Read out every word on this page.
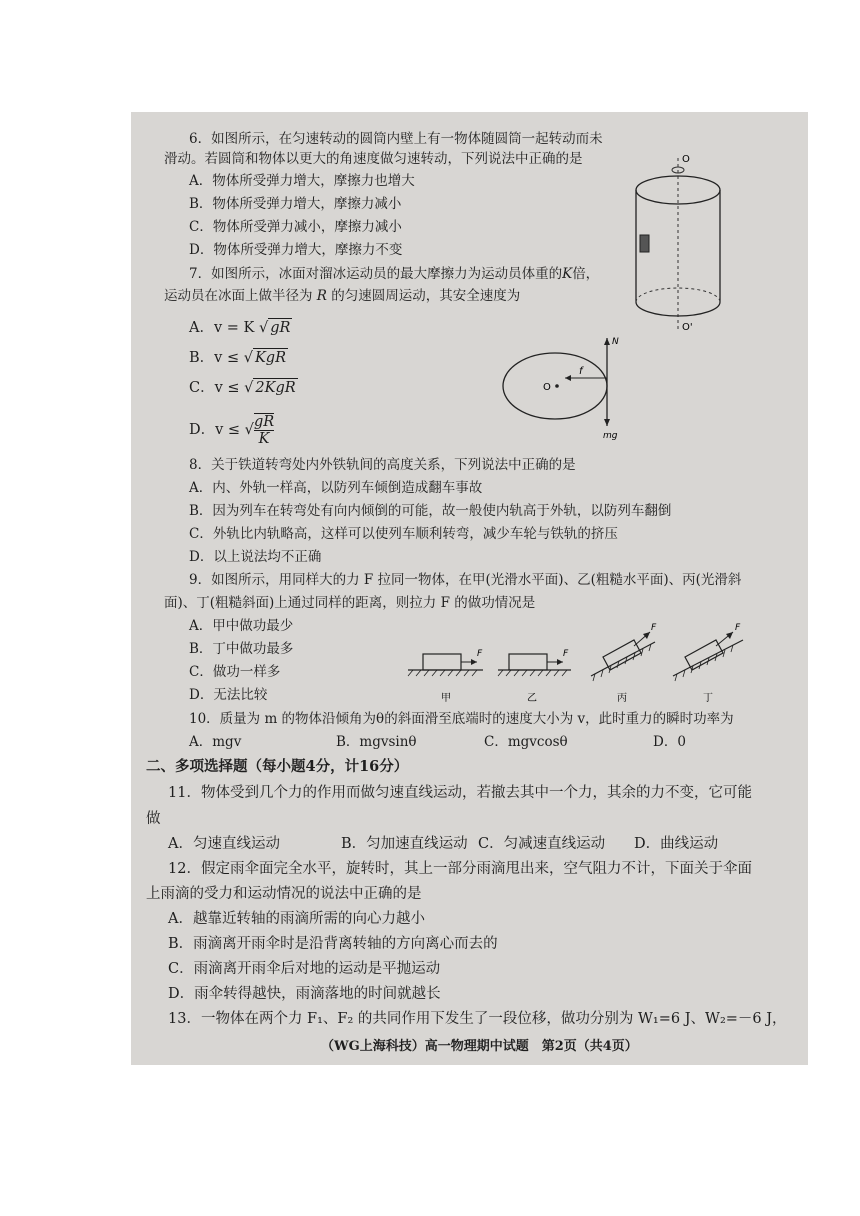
6．如图所示，在匀速转动的圆筒内壁上有一物体随圆筒一起转动而未
滑动。若圆筒和物体以更大的角速度做匀速转动，下列说法中正确的是
A．物体所受弹力增大，摩擦力也增大
B．物体所受弹力增大，摩擦力减小
C．物体所受弹力减小，摩擦力减小
D．物体所受弹力增大，摩擦力不变
O
O'
7．如图所示，冰面对溜冰运动员的最大摩擦力为运动员体重的K倍，
运动员在冰面上做半径为 R 的匀速圆周运动，其安全速度为
A．v = K √ gR
B．v ≤ √ KgR
C．v ≤ √ 2KgR
D．v ≤ √ $\frac{gR}{K}$
O
f
N
mg
8．关于铁道转弯处内外铁轨间的高度关系，下列说法中正确的是
A．内、外轨一样高，以防列车倾倒造成翻车事故
B．因为列车在转弯处有向内倾倒的可能，故一般使内轨高于外轨，以防列车翻倒
C．外轨比内轨略高，这样可以使列车顺利转弯，减少车轮与铁轨的挤压
D．以上说法均不正确
9．如图所示，用同样大的力 F 拉同一物体，在甲(光滑水平面)、乙(粗糙水平面)、丙(光滑斜
面)、丁(粗糙斜面)上通过同样的距离，则拉力 F 的做功情况是
A．甲中做功最少
B．丁中做功最多
C．做功一样多
D．无法比较
F
甲
F
乙
F
丙
F
丁
10．质量为 m 的物体沿倾角为θ的斜面滑至底端时的速度大小为 v，此时重力的瞬时功率为
A．mgv	B．mgvsinθ	C．mgvcosθ	D．0
二、多项选择题（每小题4分，计16分）
11．物体受到几个力的作用而做匀速直线运动，若撤去其中一个力，其余的力不变，它可能
做
A．匀速直线运动	B．匀加速直线运动 C．匀减速直线运动 D．曲线运动
12．假定雨伞面完全水平，旋转时，其上一部分雨滴甩出来，空气阻力不计，下面关于伞面
上雨滴的受力和运动情况的说法中正确的是
A．越靠近转轴的雨滴所需的向心力越小
B．雨滴离开雨伞时是沿背离转轴的方向离心而去的
C．雨滴离开雨伞后对地的运动是平抛运动
D．雨伞转得越快，雨滴落地的时间就越长
13．一物体在两个力 F₁、F₂ 的共同作用下发生了一段位移，做功分别为 W₁=6 J、W₂=－6 J，
（WG上海科技）高一物理期中试题　第2页（共4页）
